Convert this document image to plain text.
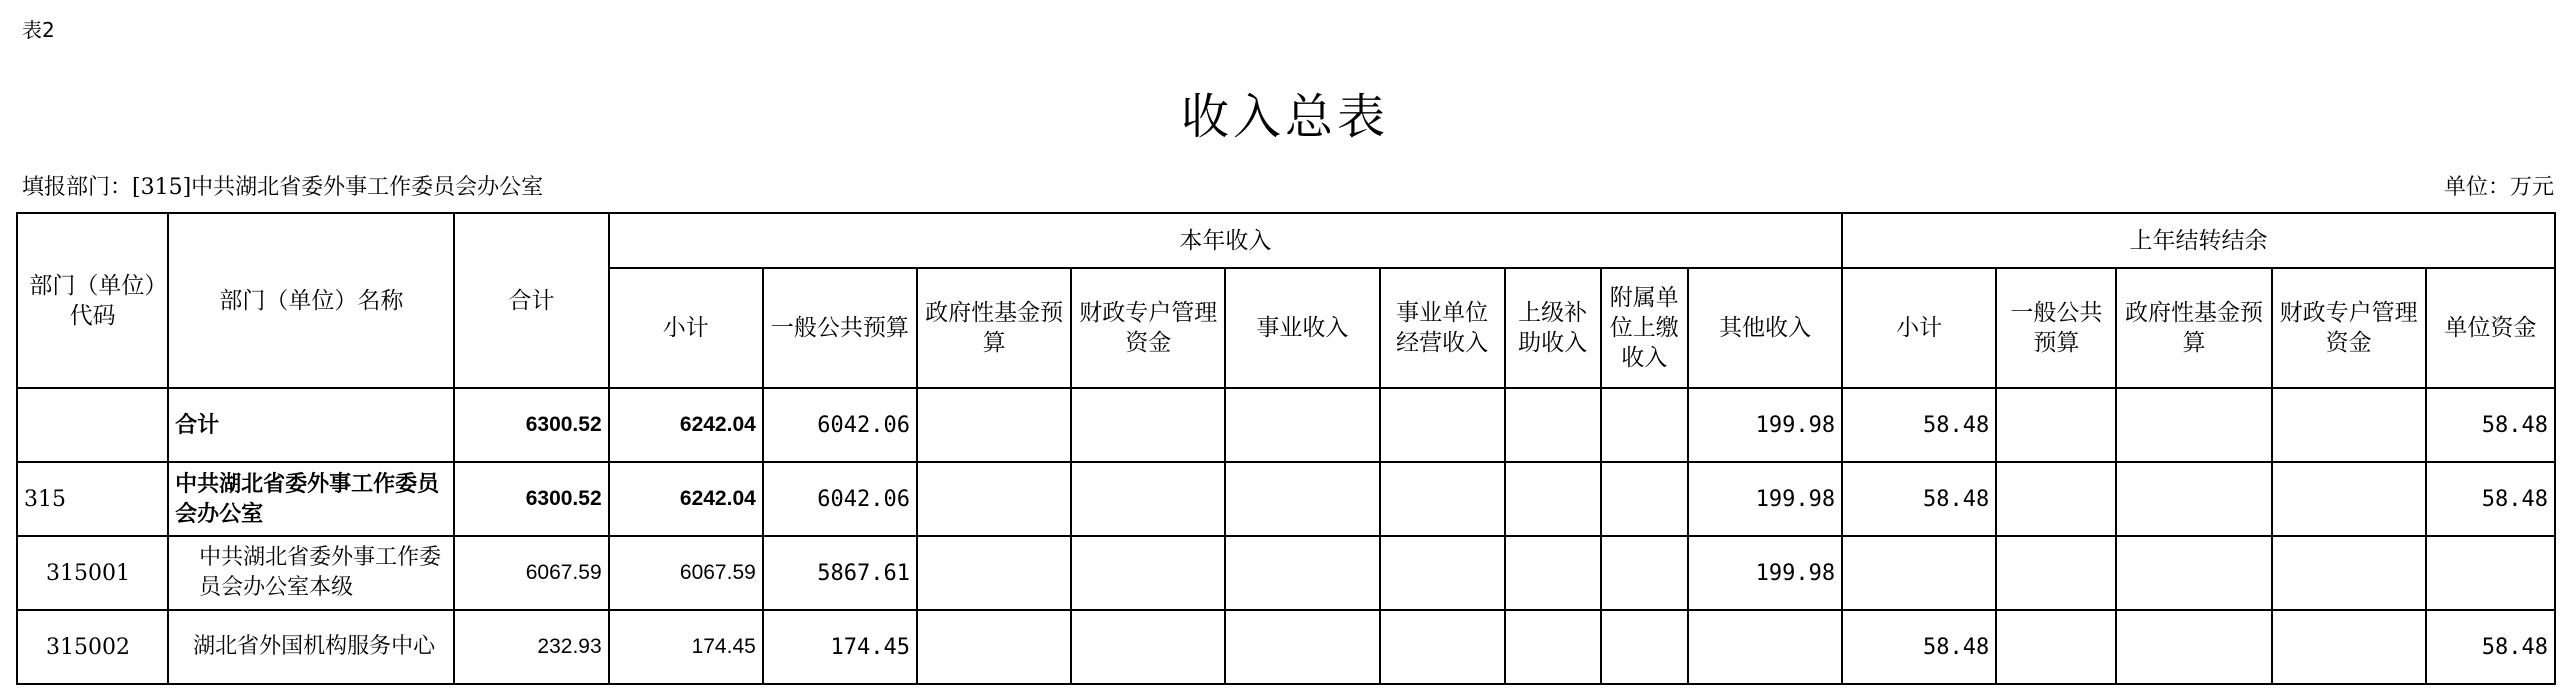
表2
收入总表
填报部门：[315]中共湖北省委外事工作委员会办公室	单位：万元
部门（单位）代码	部门（单位）名称	合计	本年收入									上年结转结余				
			小计	一般公共预算	政府性基金预算	财政专户管理资金	事业收入	事业单位经营收入	上级补助收入	附属单位上缴收入	其他收入	小计	一般公共预算	政府性基金预算	财政专户管理资金	单位资金
	合计	6300.52	6242.04	6042.06							199.98	58.48				58.48
315	中共湖北省委外事工作委员会办公室	6300.52	6242.04	6042.06							199.98	58.48				58.48
315001	中共湖北省委外事工作委员会办公室本级	6067.59	6067.59	5867.61							199.98					
315002	湖北省外国机构服务中心	232.93	174.45	174.45								58.48				58.48
